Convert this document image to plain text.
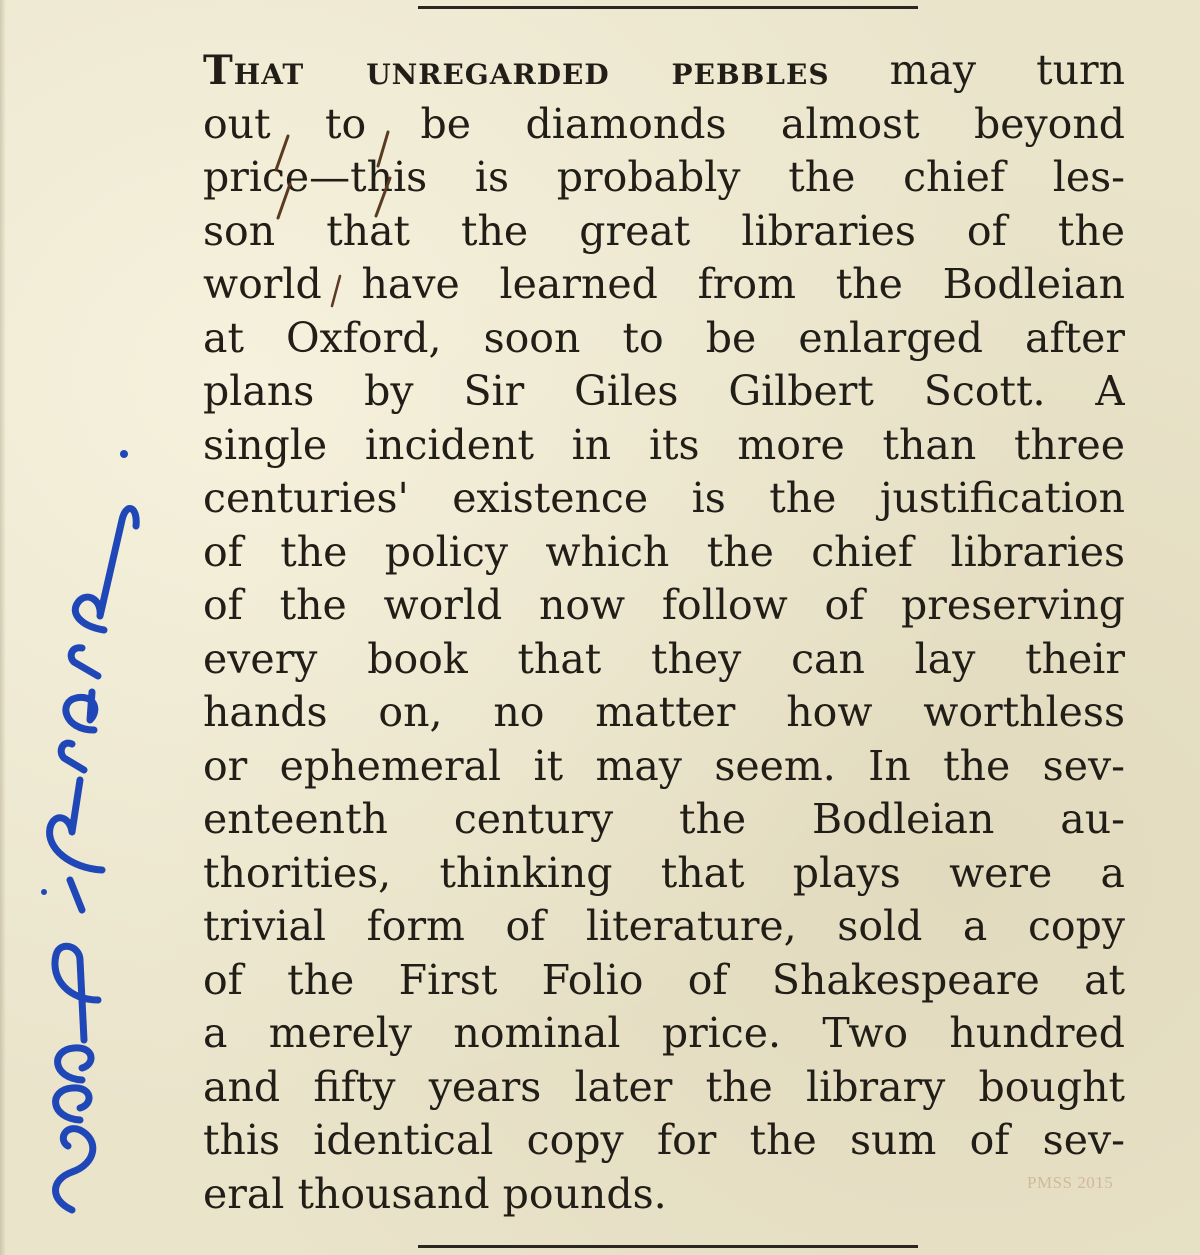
That unregarded pebbles may turn
out to be diamonds almost beyond
price—this is probably the chief les-
son that the great libraries of the
world have learned from the Bodleian
at Oxford, soon to be enlarged after
plans by Sir Giles Gilbert Scott. A
single incident in its more than three
centuries' existence is the justification
of the policy which the chief libraries
of the world now follow of preserving
every book that they can lay their
hands on, no matter how worthless
or ephemeral it may seem. In the sev-
enteenth century the Bodleian au-
thorities, thinking that plays were a
trivial form of literature, sold a copy
of the First Folio of Shakespeare at
a merely nominal price. Two hundred
and fifty years later the library bought
this identical copy for the sum of sev-
eral thousand pounds.	PMSS 2015
